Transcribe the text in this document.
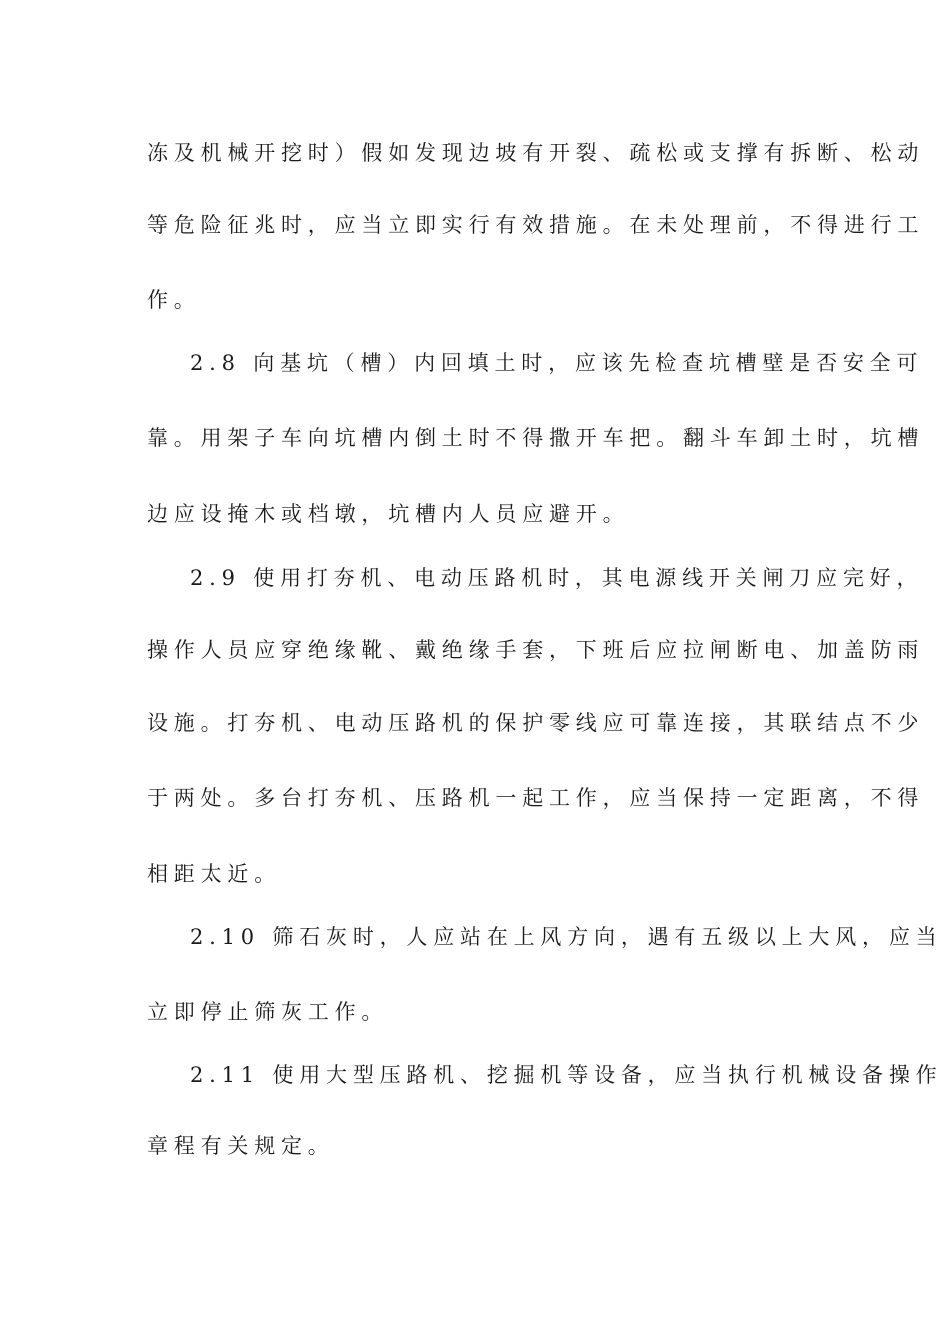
冻及机械开挖时）假如发现边坡有开裂、疏松或支撑有拆断、松动
等危险征兆时，应当立即实行有效措施。在未处理前，不得进行工
作。
2.8 向基坑（槽）内回填土时，应该先检查坑槽壁是否安全可
靠。用架子车向坑槽内倒土时不得撒开车把。翻斗车卸土时，坑槽
边应设掩木或档墩，坑槽内人员应避开。
2.9 使用打夯机、电动压路机时，其电源线开关闸刀应完好，
操作人员应穿绝缘靴、戴绝缘手套，下班后应拉闸断电、加盖防雨
设施。打夯机、电动压路机的保护零线应可靠连接，其联结点不少
于两处。多台打夯机、压路机一起工作，应当保持一定距离，不得
相距太近。
2.10 筛石灰时，人应站在上风方向，遇有五级以上大风，应当
立即停止筛灰工作。
2.11 使用大型压路机、挖掘机等设备，应当执行机械设备操作
章程有关规定。
